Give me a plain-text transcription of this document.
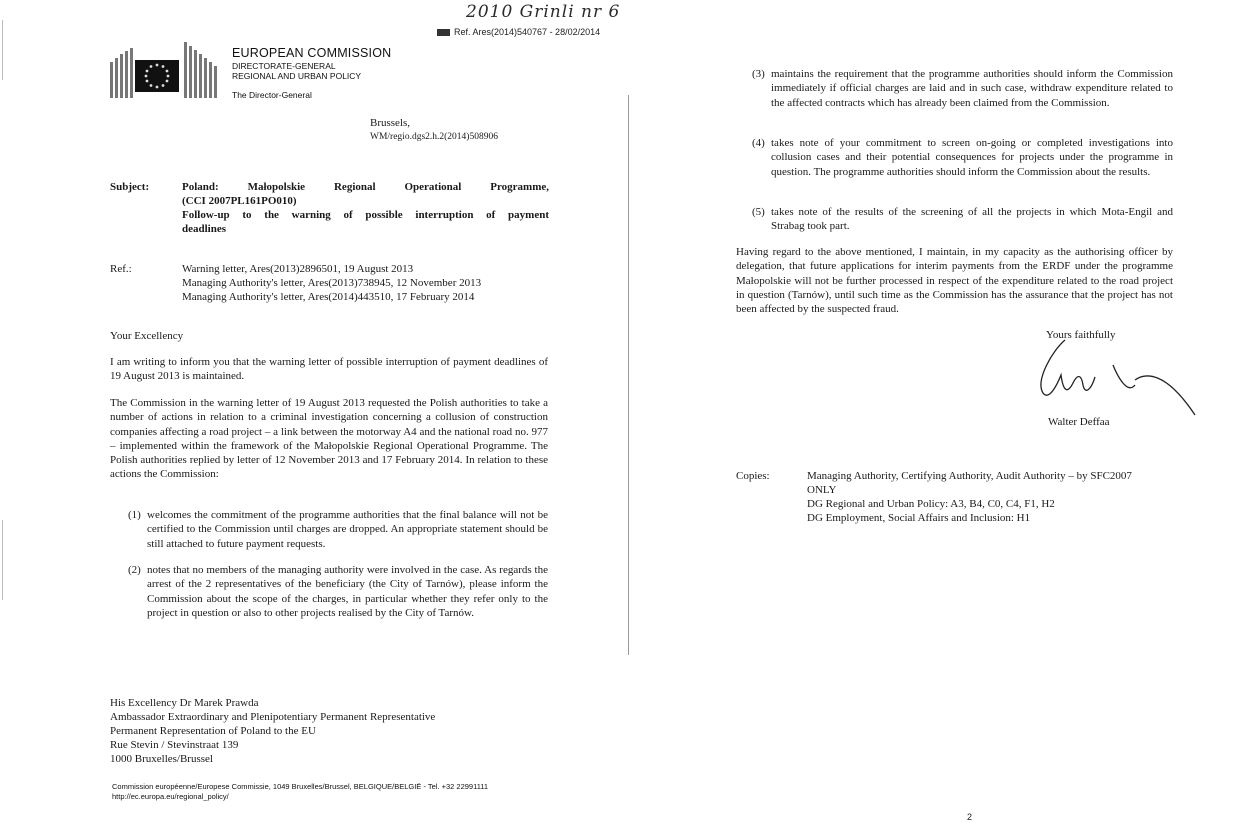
2010 Grinli nr 6
Ref. Ares(2014)540767 - 28/02/2014
EUROPEAN COMMISSION
DIRECTORATE-GENERAL
REGIONAL AND URBAN POLICY
The Director-General
Brussels,
WM/regio.dgs2.h.2(2014)508906
Subject:	Poland: Małopolskie Regional Operational Programme,
(CCI 2007PL161PO010)
Follow-up to the warning of possible interruption of payment
deadlines
Ref.:	Warning letter, Ares(2013)2896501, 19 August 2013
Managing Authority's letter, Ares(2013)738945, 12 November 2013
Managing Authority's letter, Ares(2014)443510, 17 February 2014
Your Excellency
I am writing to inform you that the warning letter of possible interruption of payment deadlines of 19 August 2013 is maintained.
The Commission in the warning letter of 19 August 2013 requested the Polish authorities to take a number of actions in relation to a criminal investigation concerning a collusion of construction companies affecting a road project – a link between the motorway A4 and the national road no. 977 – implemented within the framework of the Małopolskie Regional Operational Programme. The Polish authorities replied by letter of 12 November 2013 and 17 February 2014. In relation to these actions the Commission:
(1) welcomes the commitment of the programme authorities that the final balance will not be certified to the Commission until charges are dropped. An appropriate statement should be still attached to future payment requests.
(2) notes that no members of the managing authority were involved in the case. As regards the arrest of the 2 representatives of the beneficiary (the City of Tarnów), please inform the Commission about the scope of the charges, in particular whether they refer only to the project in question or also to other projects realised by the City of Tarnów.
His Excellency Dr Marek Prawda
Ambassador Extraordinary and Plenipotentiary Permanent Representative
Permanent Representation of Poland to the EU
Rue Stevin / Stevinstraat 139
1000 Bruxelles/Brussel
Commission européenne/Europese Commissie, 1049 Bruxelles/Brussel, BELGIQUE/BELGIË - Tel. +32 22991111
http://ec.europa.eu/regional_policy/
(3) maintains the requirement that the programme authorities should inform the Commission immediately if official charges are laid and in such case, withdraw expenditure related to the affected contracts which has already been claimed from the Commission.
(4) takes note of your commitment to screen on-going or completed investigations into collusion cases and their potential consequences for projects under the programme in question. The programme authorities should inform the Commission about the results.
(5) takes note of the results of the screening of all the projects in which Mota-Engil and Strabag took part.
Having regard to the above mentioned, I maintain, in my capacity as the authorising officer by delegation, that future applications for interim payments from the ERDF under the programme Małopolskie will not be further processed in respect of the expenditure related to the road project in question (Tarnów), until such time as the Commission has the assurance that the project has not been affected by the suspected fraud.
Yours faithfully
Walter Deffaa
Copies:	Managing Authority, Certifying Authority, Audit Authority – by SFC2007
ONLY
DG Regional and Urban Policy: A3, B4, C0, C4, F1, H2
DG Employment, Social Affairs and Inclusion: H1
2
